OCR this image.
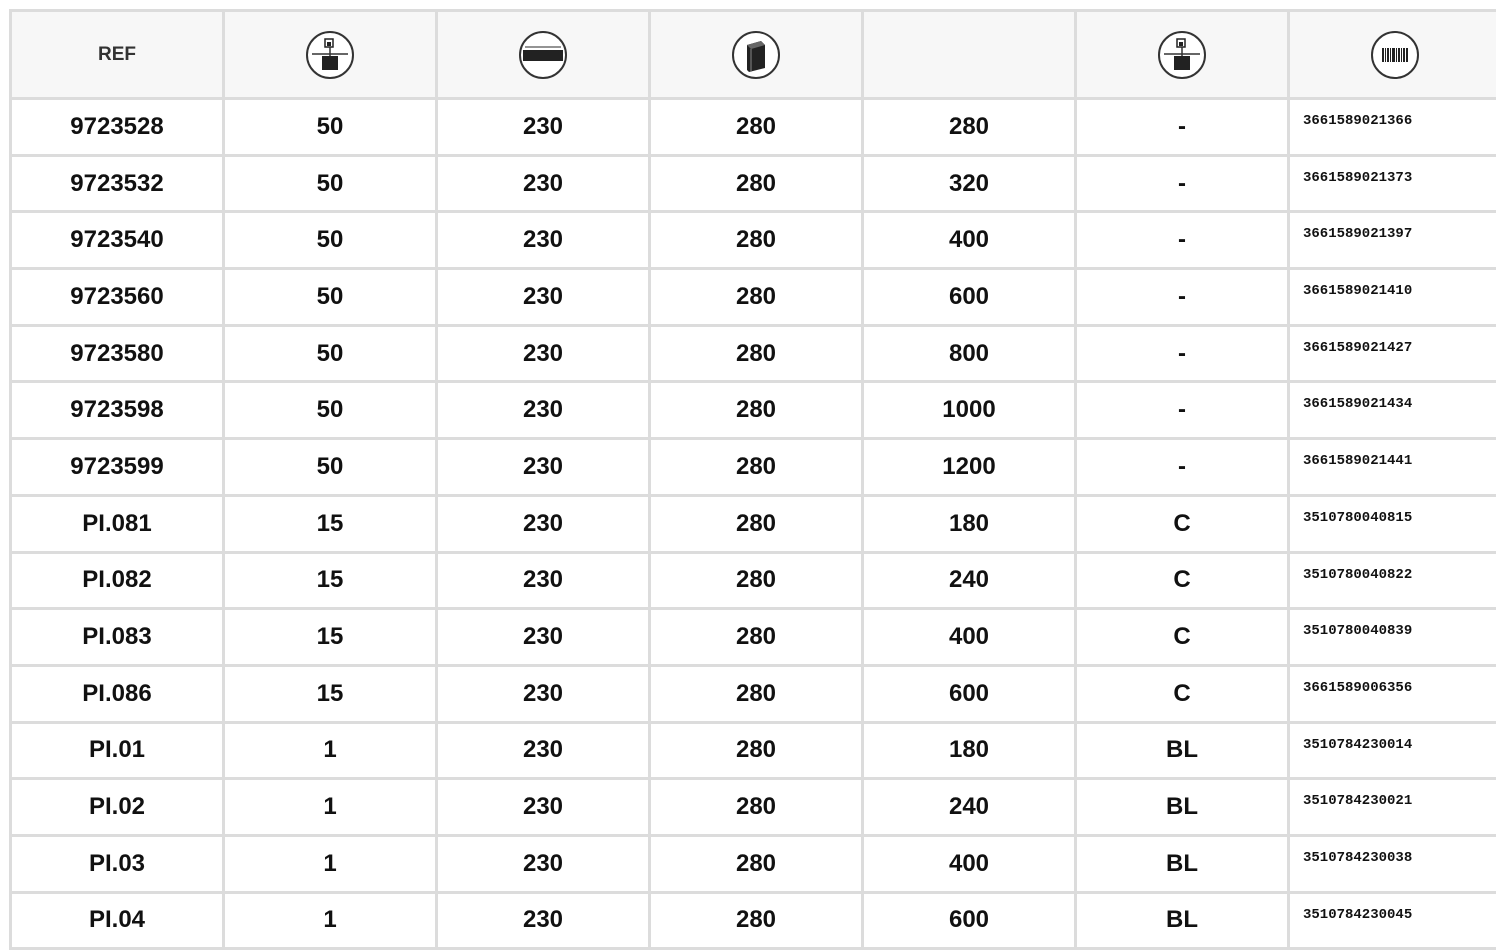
REF	

9723528	50	230	280	280	-	3661589021366
9723532	50	230	280	320	-	3661589021373
9723540	50	230	280	400	-	3661589021397
9723560	50	230	280	600	-	3661589021410
9723580	50	230	280	800	-	3661589021427
9723598	50	230	280	1000	-	3661589021434
9723599	50	230	280	1200	-	3661589021441
PI.081	15	230	280	180	C	3510780040815
PI.082	15	230	280	240	C	3510780040822
PI.083	15	230	280	400	C	3510780040839
PI.086	15	230	280	600	C	3661589006356
PI.01	1	230	280	180	BL	3510784230014
PI.02	1	230	280	240	BL	3510784230021
PI.03	1	230	280	400	BL	3510784230038
PI.04	1	230	280	600	BL	3510784230045
